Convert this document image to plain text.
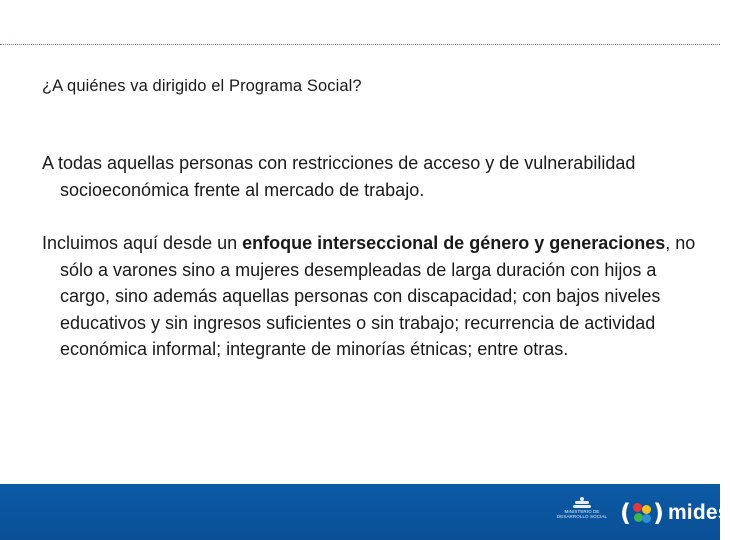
¿A quiénes va dirigido el Programa Social?

A todas aquellas personas con restricciones de acceso y de vulnerabilidad socioeconómica frente al mercado de trabajo.

Incluimos aquí desde un enfoque interseccional de género y generaciones, no sólo a varones sino a mujeres desempleadas de larga duración con hijos a cargo, sino además aquellas personas con discapacidad; con bajos niveles educativos y sin ingresos suficientes o sin trabajo; recurrencia de actividad económica informal; integrante de minorías étnicas; entre otras.

MINISTERIO DE DESARROLLO SOCIAL ( ) mides
